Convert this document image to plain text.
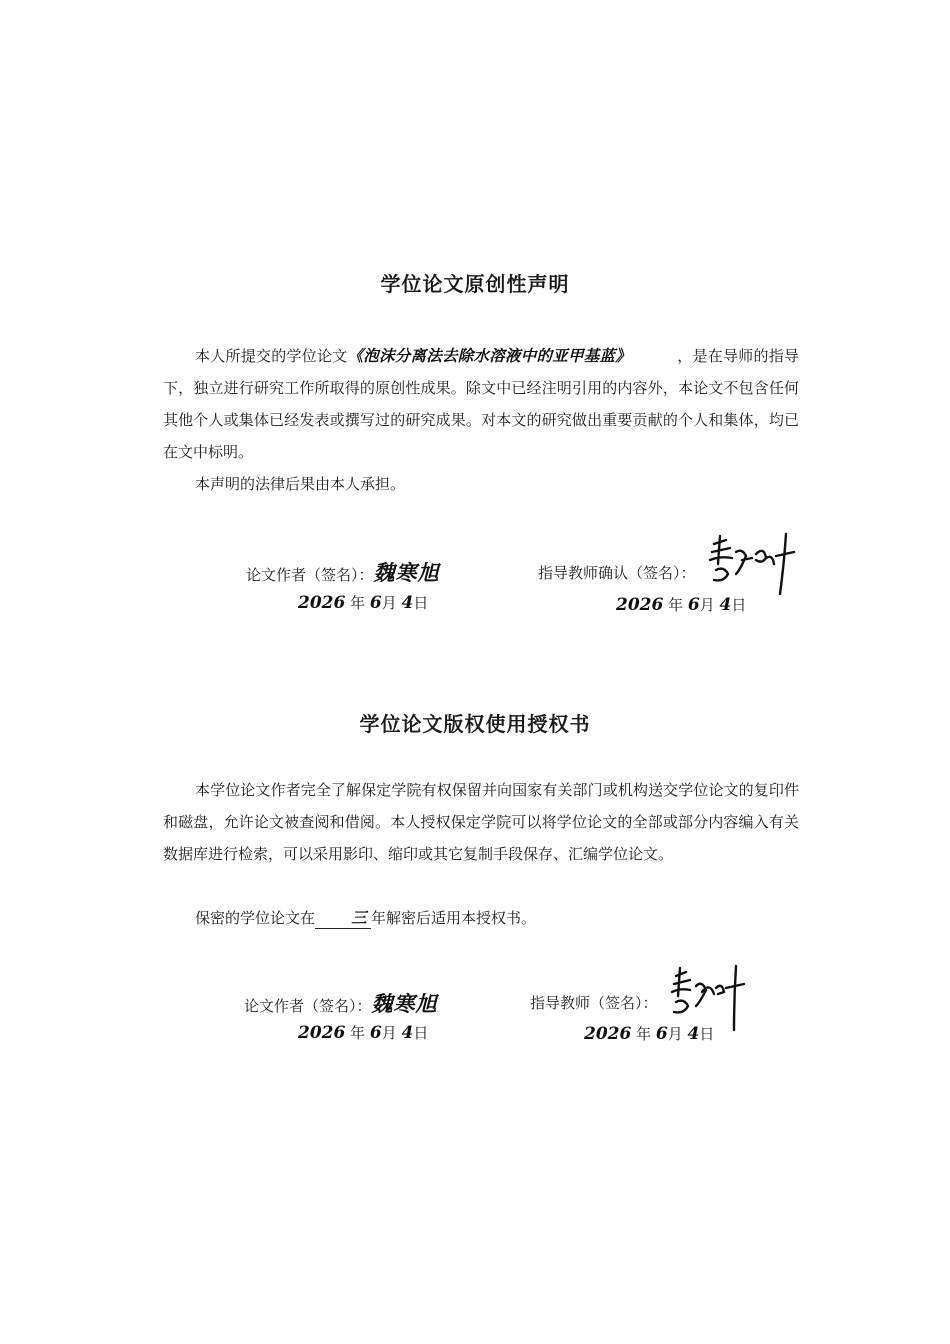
学位论文原创性声明
本人所提交的学位论文《泡沫分离法去除水溶液中的亚甲基蓝》	，是在导师的指导下，独立进行研究工作所取得的原创性成果。除文中已经注明引用的内容外，本论文不包含任何其他个人或集体已经发表或撰写过的研究成果。对本文的研究做出重要贡献的个人和集体，均已在文中标明。
本声明的法律后果由本人承担。
论文作者（签名）：魏寒旭
2026 年 6月 4日
指导教师确认（签名）：
2026 年 6月 4日
学位论文版权使用授权书
本学位论文作者完全了解保定学院有权保留并向国家有关部门或机构送交学位论文的复印件和磁盘，允许论文被查阅和借阅。本人授权保定学院可以将学位论文的全部或部分内容编入有关数据库进行检索，可以采用影印、缩印或其它复制手段保存、汇编学位论文。
保密的学位论文在 三 年解密后适用本授权书。
论文作者（签名）：魏寒旭
2026 年 6月 4日
指导教师（签名）：
2026 年 6月 4日
